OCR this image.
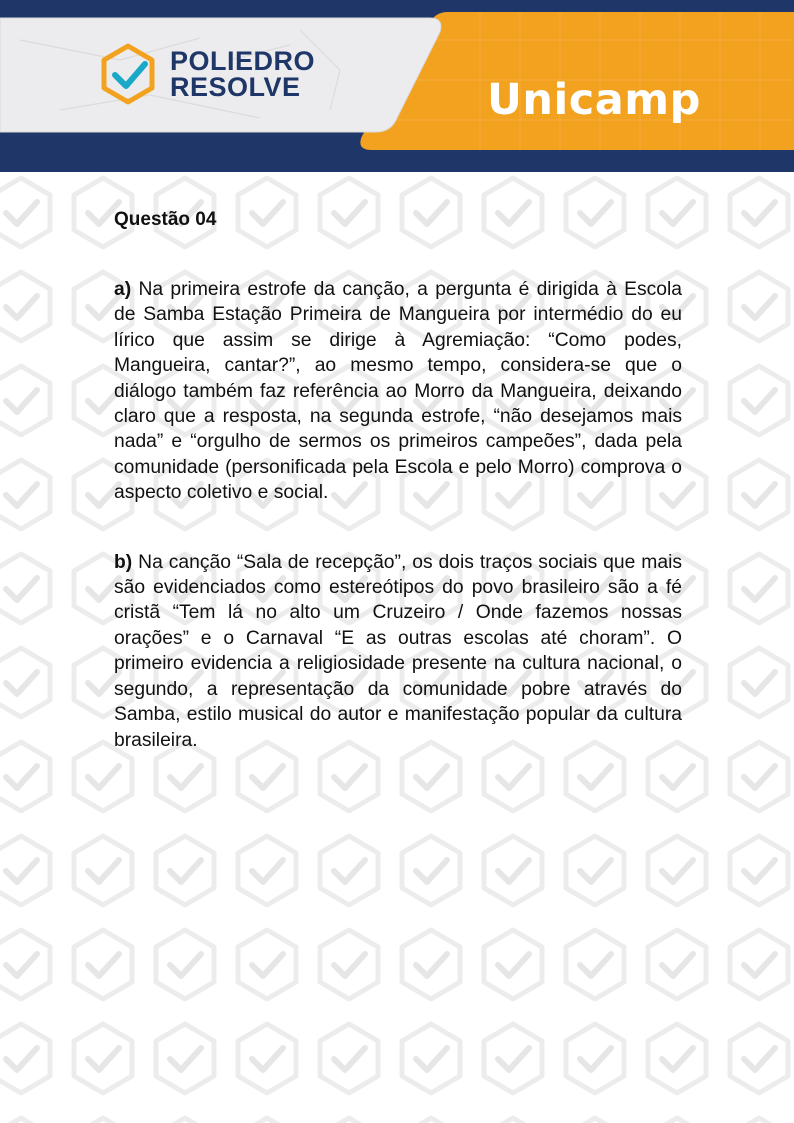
POLIEDRO
RESOLVE	Unicamp
Questão 04

a) Na primeira estrofe da canção, a pergunta é dirigida à Escola de Samba Estação Primeira de Mangueira por intermédio do eu lírico que assim se dirige à Agremiação: “Como podes, Mangueira, cantar?”, ao mesmo tempo, considera-se que o diálogo também faz referência ao Morro da Mangueira, deixando claro que a resposta, na segunda estrofe, “não desejamos mais nada” e “orgulho de sermos os primeiros campeões”, dada pela comunidade (personificada pela Escola e pelo Morro) comprova o aspecto coletivo e social.

b) Na canção “Sala de recepção”, os dois traços sociais que mais são evidenciados como estereótipos do povo brasileiro são a fé cristã “Tem lá no alto um Cruzeiro / Onde fazemos nossas orações” e o Carnaval “E as outras escolas até choram”. O primeiro evidencia a religiosidade presente na cultura nacional, o segundo, a representação da comunidade pobre através do Samba, estilo musical do autor e manifestação popular da cultura brasileira.
